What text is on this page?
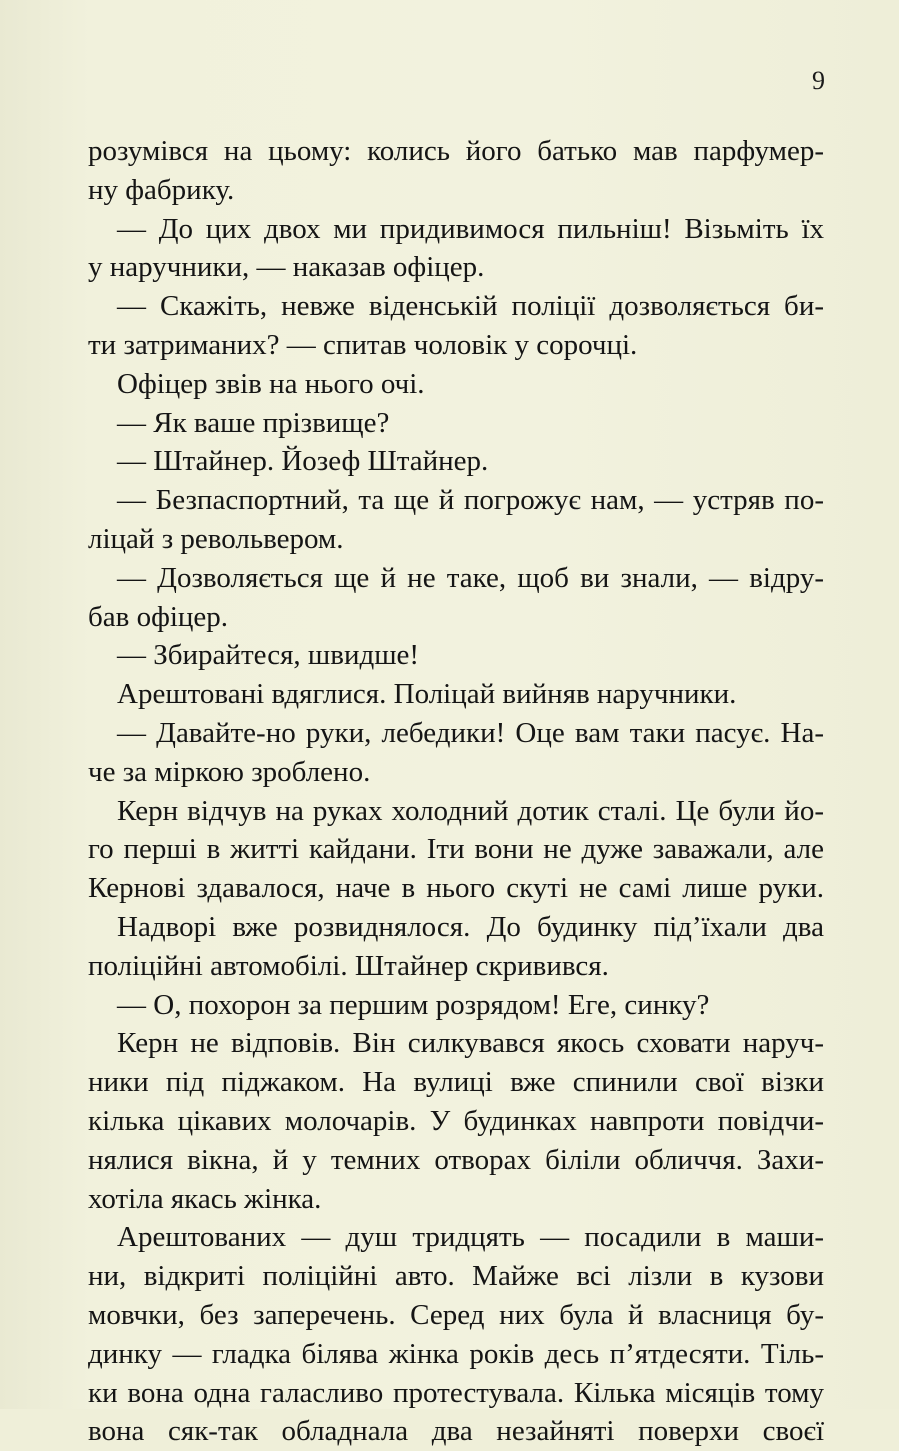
9
розумівся на цьому: колись його батько мав парфумер-
ну фабрику.
— До цих двох ми придивимося пильніш! Візьміть їх
у наручники, — наказав офіцер.
— Скажіть, невже віденській поліції дозволяється би-
ти затриманих? — спитав чоловік у сорочці.
Офіцер звів на нього очі.
— Як ваше прізвище?
— Штайнер. Йозеф Штайнер.
— Безпаспортний, та ще й погрожує нам, — устряв по-
ліцай з револьвером.
— Дозволяється ще й не таке, щоб ви знали, — відру-
бав офіцер.
— Збирайтеся, швидше!
Арештовані вдяглися. Поліцай вийняв наручники.
— Давайте-но руки, лебедики! Оце вам таки пасує. На-
че за міркою зроблено.
Керн відчув на руках холодний дотик сталі. Це були йо-
го перші в житті кайдани. Іти вони не дуже заважали, але
Кернові здавалося, наче в нього скуті не самі лише руки.
Надворі вже розвиднялося. До будинку під’їхали два
поліційні автомобілі. Штайнер скривився.
— О, похорон за першим розрядом! Еге, синку?
Керн не відповів. Він силкувався якось сховати наруч-
ники під піджаком. На вулиці вже спинили свої візки
кілька цікавих молочарів. У будинках навпроти повідчи-
нялися вікна, й у темних отворах біліли обличчя. Захи-
хотіла якась жінка.
Арештованих — душ тридцять — посадили в маши-
ни, відкриті поліційні авто. Майже всі лізли в кузови
мовчки, без заперечень. Серед них була й власниця бу-
динку — гладка білява жінка років десь п’ятдесяти. Тіль-
ки вона одна галасливо протестувала. Кілька місяців тому
вона сяк-так обладнала два незайняті поверхи своєї
